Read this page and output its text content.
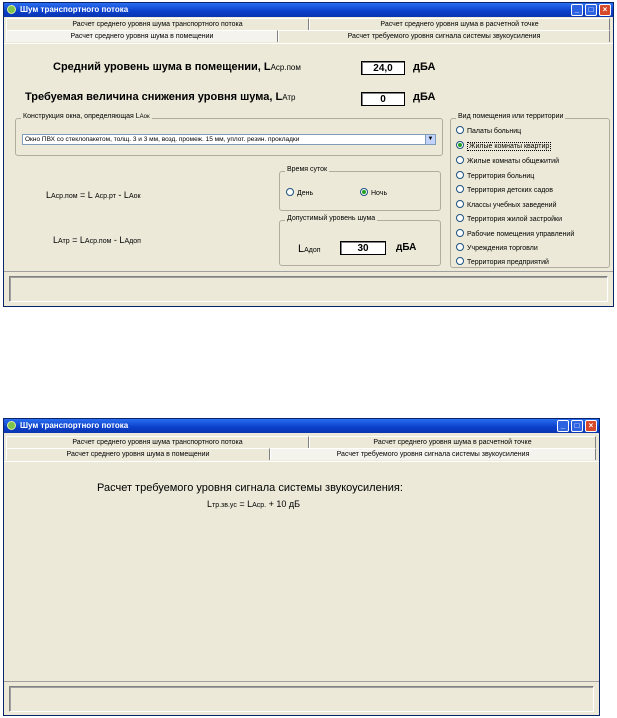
Шум транспортного потока	_	□	×
Расчет среднего уровня шума транспортного потока	Расчет среднего уровня шума в расчетной точке
Расчет среднего уровня шума в помещении	Расчет требуемого уровня сигнала системы звукоусиления
Средний уровень шума в помещении, LАср.пом	24,0	дБА
Требуемая величина снижения уровня шума, LАтр	0	дБА
Конструкция окна, определяющая LАок
Окно ПВХ со стеклопакетом, толщ. 3 и 3 мм, возд. промеж. 15 мм, уплот. резин. прокладки	▼
LАср.пом = L Аср.рт - LАок
LАтр = LАср.пом - LАдоп
Время суток
День	Ночь
Допустимый уровень шума
LАдоп	30	дБА
Вид помещения или территории
Палаты больниц
Жилые комнаты квартир
Жилые комнаты общежитий
Территория больниц
Территория детских садов
Классы учебных заведений
Территория жилой застройки
Рабочие помещения управлений
Учреждения торговли
Территория предприятий
Шум транспортного потока	_	□	×
Расчет среднего уровня шума транспортного потока	Расчет среднего уровня шума в расчетной точке
Расчет среднего уровня шума в помещении	Расчет требуемого уровня сигнала системы звукоусиления
Расчет требуемого уровня сигнала системы звукоусиления:
Lтр.зв.ус = LАср. + 10 дБ
